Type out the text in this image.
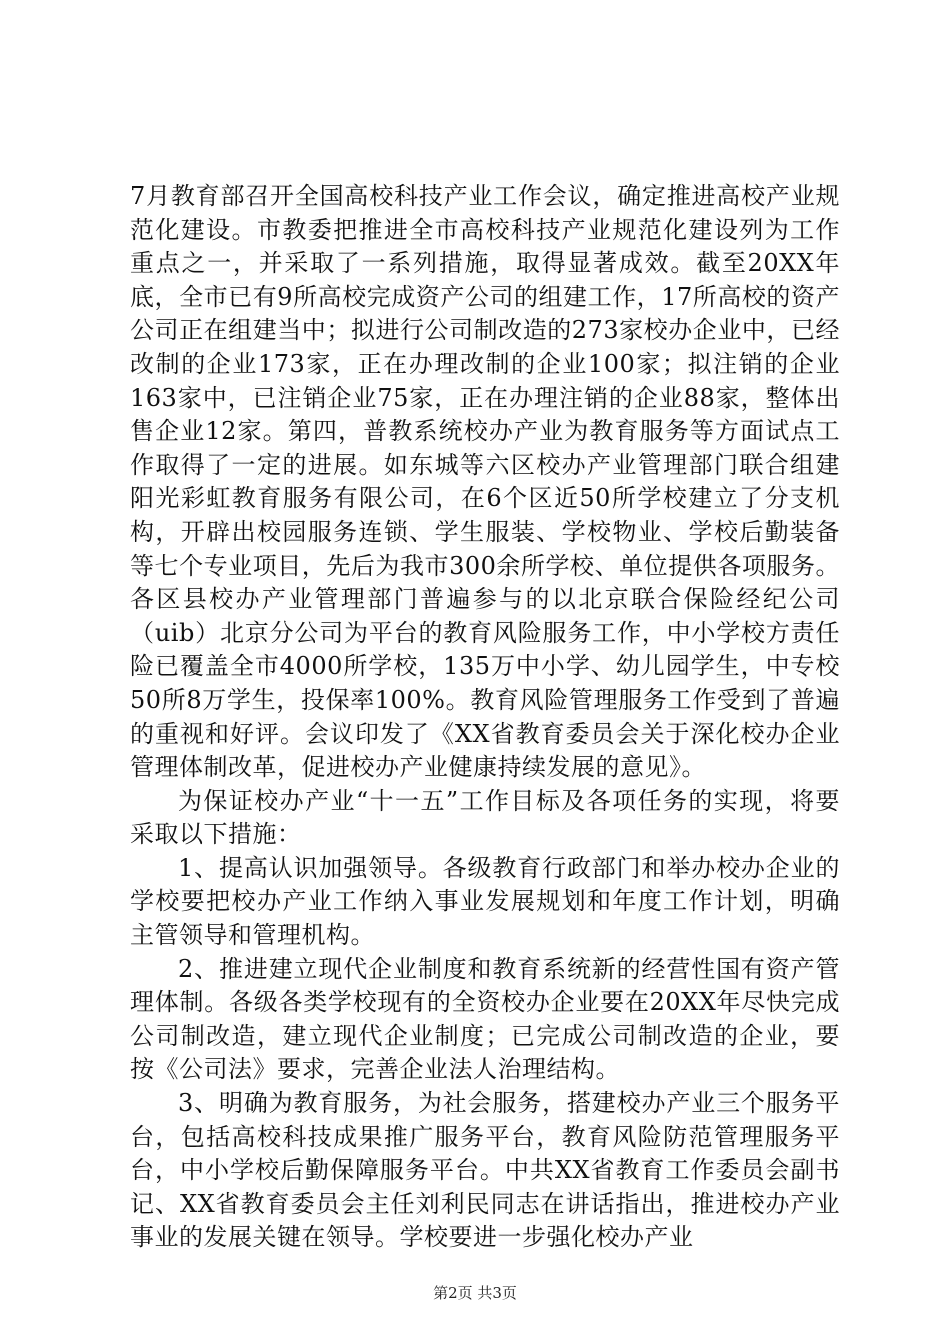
7月教育部召开全国高校科技产业工作会议，确定推进高校产业规范化建设。市教委把推进全市高校科技产业规范化建设列为工作重点之一，并采取了一系列措施，取得显著成效。截至20XX年底，全市已有9所高校完成资产公司的组建工作，17所高校的资产公司正在组建当中；拟进行公司制改造的273家校办企业中，已经改制的企业173家，正在办理改制的企业100家；拟注销的企业163家中，已注销企业75家，正在办理注销的企业88家，整体出售企业12家。第四，普教系统校办产业为教育服务等方面试点工作取得了一定的进展。如东城等六区校办产业管理部门联合组建阳光彩虹教育服务有限公司，在6个区近50所学校建立了分支机构，开辟出校园服务连锁、学生服装、学校物业、学校后勤装备等七个专业项目，先后为我市300余所学校、单位提供各项服务。各区县校办产业管理部门普遍参与的以北京联合保险经纪公司（uib）北京分公司为平台的教育风险服务工作，中小学校方责任险已覆盖全市4000所学校，135万中小学、幼儿园学生，中专校50所8万学生，投保率100%。教育风险管理服务工作受到了普遍的重视和好评。会议印发了《XX省教育委员会关于深化校办企业管理体制改革，促进校办产业健康持续发展的意见》。

为保证校办产业“十一五”工作目标及各项任务的实现，将要采取以下措施：

1、提高认识加强领导。各级教育行政部门和举办校办企业的学校要把校办产业工作纳入事业发展规划和年度工作计划，明确主管领导和管理机构。

2、推进建立现代企业制度和教育系统新的经营性国有资产管理体制。各级各类学校现有的全资校办企业要在20XX年尽快完成公司制改造，建立现代企业制度；已完成公司制改造的企业，要按《公司法》要求，完善企业法人治理结构。

3、明确为教育服务，为社会服务，搭建校办产业三个服务平台，包括高校科技成果推广服务平台，教育风险防范管理服务平台，中小学校后勤保障服务平台。中共XX省教育工作委员会副书记、XX省教育委员会主任刘利民同志在讲话指出，推进校办产业事业的发展关键在领导。学校要进一步强化校办产业

第2页 共3页
